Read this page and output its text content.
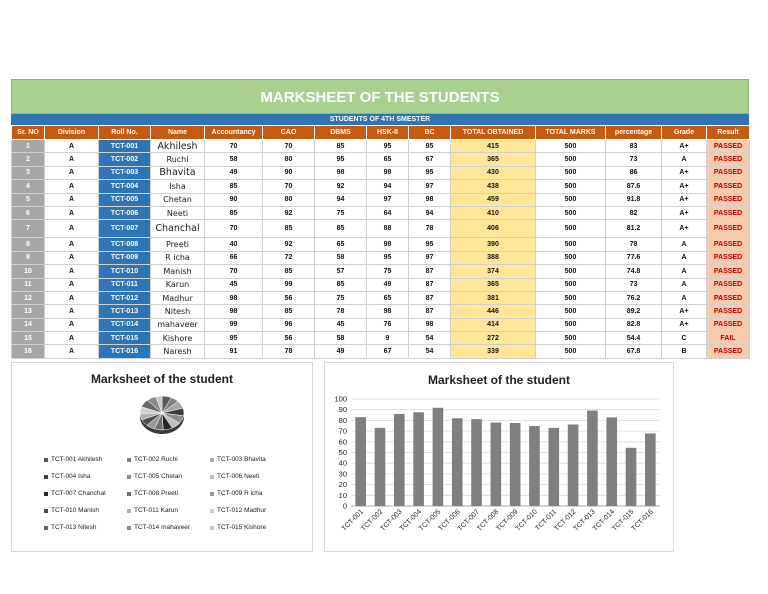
MARKSHEET OF THE STUDENTS
STUDENTS OF 4TH SMESTER
Sr. NO	Division	Roll No.	Name	Accountancy	CAO	DBMS	HSK-II	BC	TOTAL OBTAINED	TOTAL MARKS	percentage	Grade	Result
1	A	TCT-001	Akhilesh	70	70	85	95	95	415	500	83	A+	PASSED
2	A	TCT-002	Ruchi	58	80	95	65	67	365	500	73	A	PASSED
3	A	TCT-003	Bhavita	49	90	98	98	95	430	500	86	A+	PASSED
4	A	TCT-004	Isha	85	70	92	94	97	438	500	87.6	A+	PASSED
5	A	TCT-005	Chetan	90	80	94	97	98	459	500	91.8	A+	PASSED
6	A	TCT-006	Neeti	85	92	75	64	94	410	500	82	A+	PASSED
7	A	TCT-007	Chanchal	70	85	85	88	78	406	500	81.2	A+	PASSED
8	A	TCT-008	Preeti	40	92	65	98	95	390	500	78	A	PASSED
9	A	TCT-009	R icha	66	72	58	95	97	388	500	77.6	A	PASSED
10	A	TCT-010	Manish	70	85	57	75	87	374	500	74.8	A	PASSED
11	A	TCT-011	Karun	45	99	85	49	87	365	500	73	A	PASSED
12	A	TCT-012	Madhur	98	56	75	65	87	381	500	76.2	A	PASSED
13	A	TCT-013	Nitesh	98	85	78	98	87	446	500	89.2	A+	PASSED
14	A	TCT-014	mahaveer	99	96	45	76	98	414	500	82.8	A+	PASSED
15	A	TCT-015	Kishore	95	56	58	9	54	272	500	54.4	C	FAIL
16	A	TCT-016	Naresh	91	78	49	67	54	339	500	67.8	B	PASSED
Marksheet of the student
TCT-001 Akhilesh	TCT-002 Ruchi	TCT-003 Bhavita
TCT-004 Isha	TCT-005 Chetan	TCT-006 Neeti
TCT-007 Chanchal	TCT-008 Preeti	TCT-009 R icha
TCT-010 Manish	TCT-011 Karun	TCT-012 Madhur
TCT-013 Nitesh	TCT-014 mahaveer	TCT-015 Kishore
Marksheet of the student
0
10
20
30
40
50
60
70
80
90
100
TCT-001
TCT-002
TCT-003
TCT-004
TCT-005
TCT-006
TCT-007
TCT-008
TCT-009
TCT-010
TCT-011
TCT-012
TCT-013
TCT-014
TCT-015
TCT-016
